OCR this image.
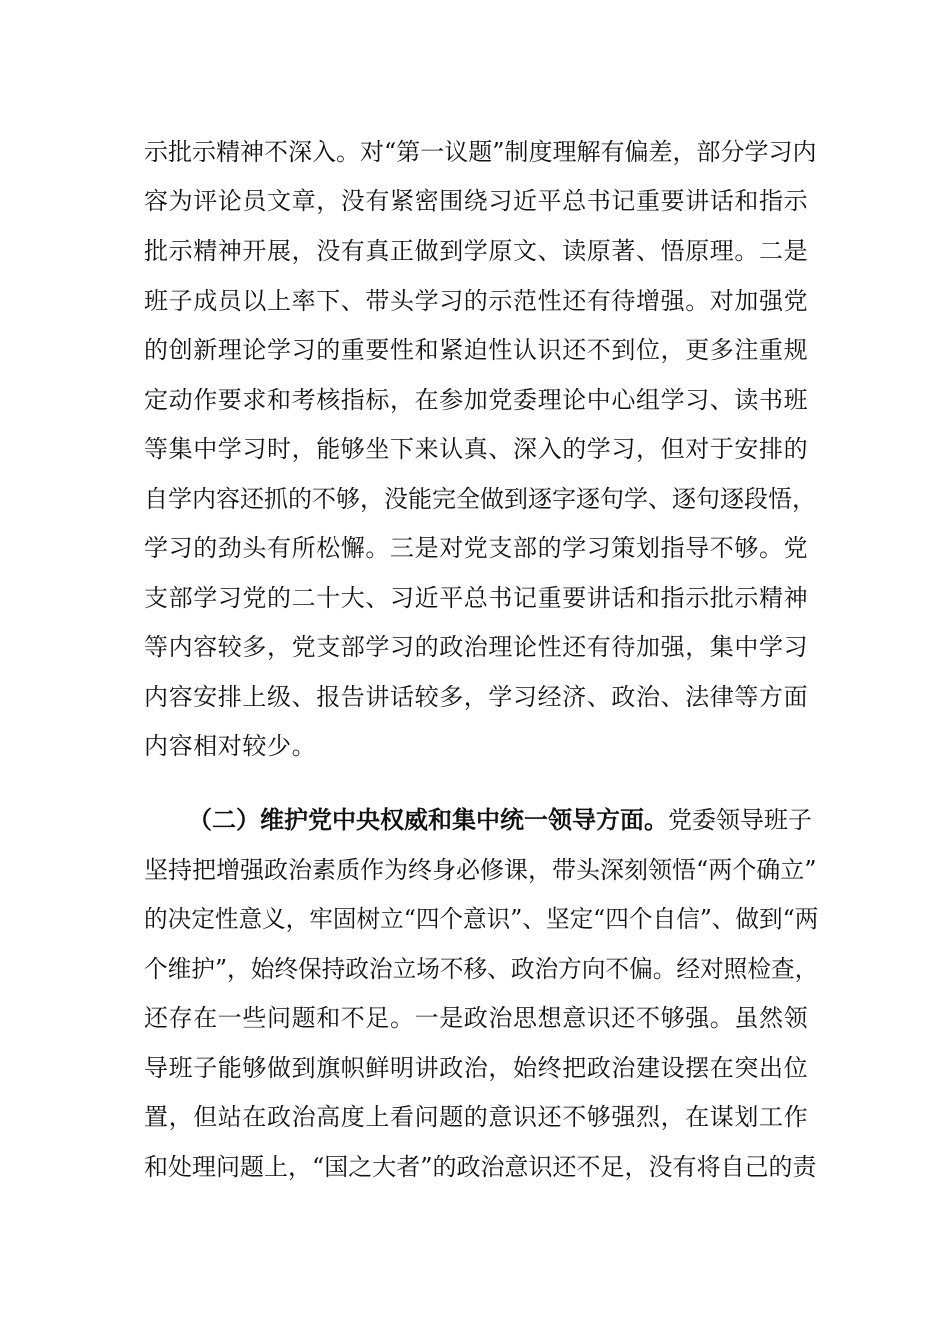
示批示精神不深入。对“第一议题”制度理解有偏差，部分学习内
容为评论员文章，没有紧密围绕习近平总书记重要讲话和指示
批示精神开展，没有真正做到学原文、读原著、悟原理。二是
班子成员以上率下、带头学习的示范性还有待增强。对加强党
的创新理论学习的重要性和紧迫性认识还不到位，更多注重规
定动作要求和考核指标，在参加党委理论中心组学习、读书班
等集中学习时，能够坐下来认真、深入的学习，但对于安排的
自学内容还抓的不够，没能完全做到逐字逐句学、逐句逐段悟，
学习的劲头有所松懈。三是对党支部的学习策划指导不够。党
支部学习党的二十大、习近平总书记重要讲话和指示批示精神
等内容较多，党支部学习的政治理论性还有待加强，集中学习
内容安排上级、报告讲话较多，学习经济、政治、法律等方面
内容相对较少。
（二）维护党中央权威和集中统一领导方面。党委领导班子
坚持把增强政治素质作为终身必修课，带头深刻领悟“两个确立”
的决定性意义，牢固树立“四个意识”、坚定“四个自信”、做到“两
个维护”，始终保持政治立场不移、政治方向不偏。经对照检查，
还存在一些问题和不足。一是政治思想意识还不够强。虽然领
导班子能够做到旗帜鲜明讲政治，始终把政治建设摆在突出位
置，但站在政治高度上看问题的意识还不够强烈，在谋划工作
和处理问题上，“国之大者”的政治意识还不足，没有将自己的责
